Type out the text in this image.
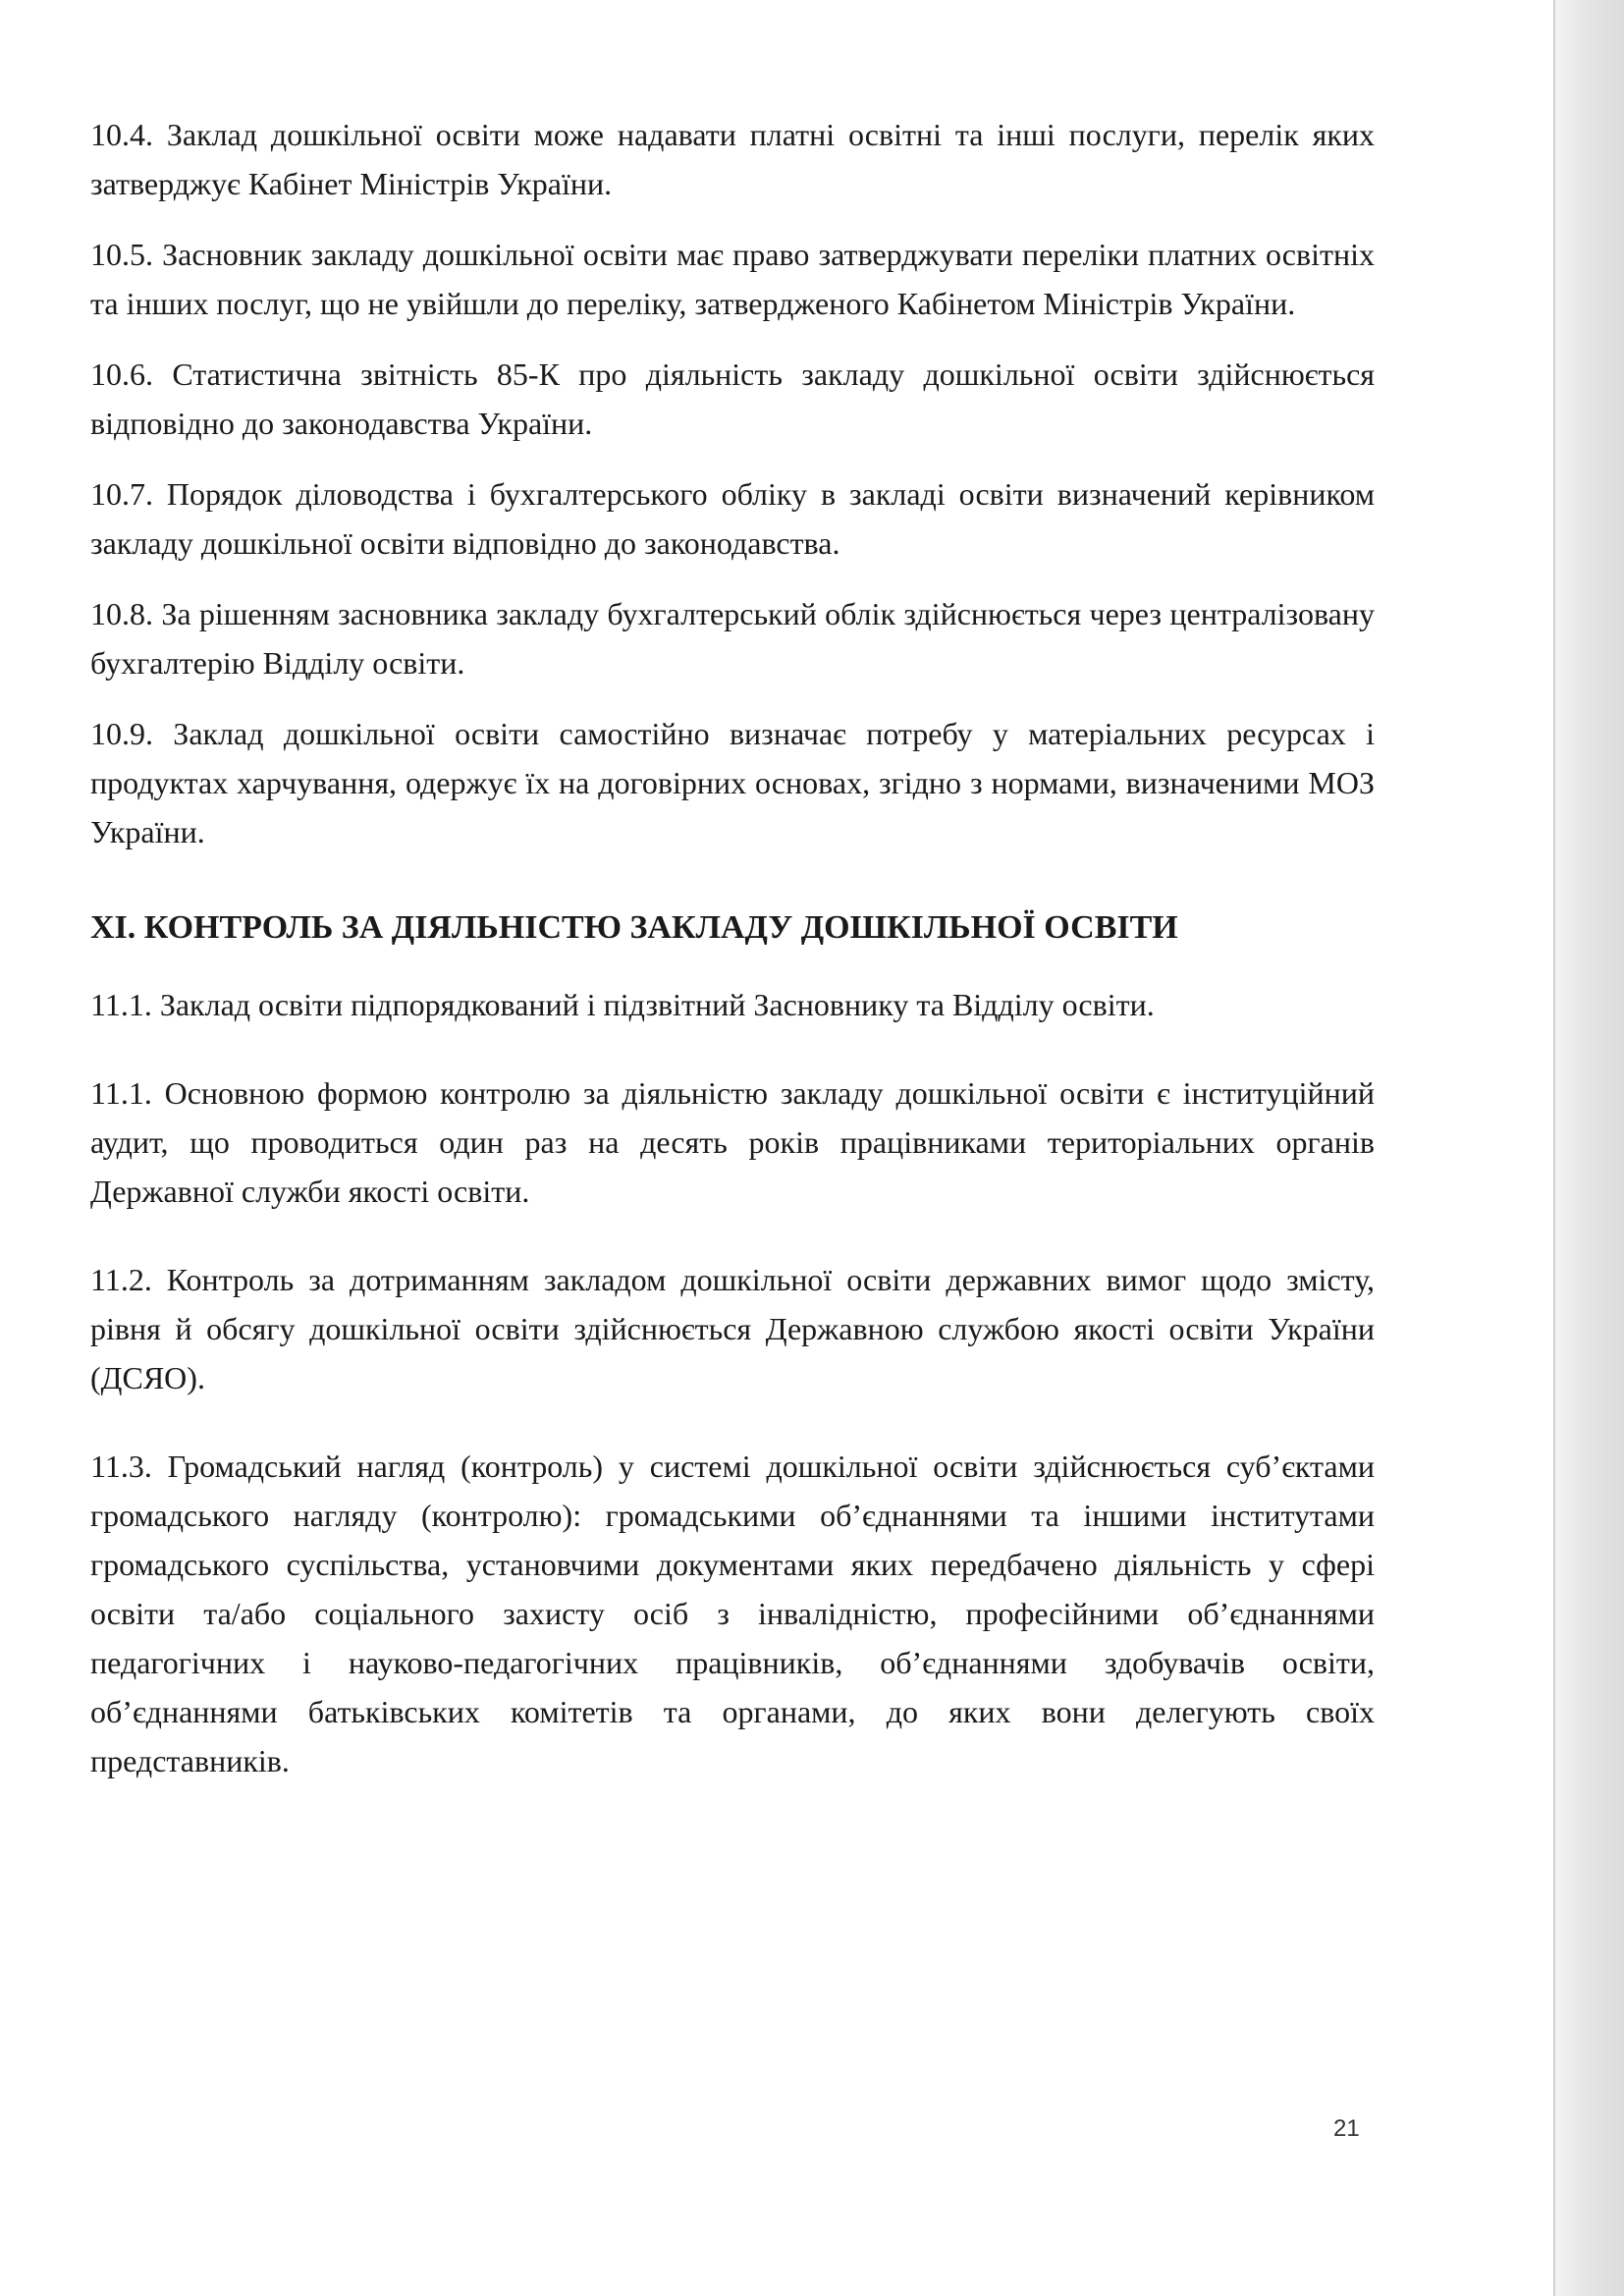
10.4. Заклад дошкільної освіти може надавати платні освітні та інші послуги, перелік яких затверджує Кабінет Міністрів України.

10.5. Засновник закладу дошкільної освіти має право затверджувати переліки платних освітніх та інших послуг, що не увійшли до переліку, затвердженого Кабінетом Міністрів України.

10.6. Статистична звітність 85-К про діяльність закладу дошкільної освіти здійснюється відповідно до законодавства України.

10.7. Порядок діловодства і бухгалтерського обліку в закладі освіти визначений керівником закладу дошкільної освіти відповідно до законодавства.

10.8. За рішенням засновника закладу бухгалтерський облік здійснюється через централізовану бухгалтерію Відділу освіти.

10.9. Заклад дошкільної освіти самостійно визначає потребу у матеріальних ресурсах і продуктах харчування, одержує їх на договірних основах, згідно з нормами, визначеними МОЗ України.

XI. КОНТРОЛЬ ЗА ДІЯЛЬНІСТЮ ЗАКЛАДУ ДОШКІЛЬНОЇ ОСВІТИ

11.1. Заклад освіти підпорядкований і підзвітний Засновнику та Відділу освіти.

11.1. Основною формою контролю за діяльністю закладу дошкільної освіти є інституційний аудит, що проводиться один раз на десять років працівниками територіальних органів Державної служби якості освіти.

11.2. Контроль за дотриманням закладом дошкільної освіти державних вимог щодо змісту, рівня й обсягу дошкільної освіти здійснюється Державною службою якості освіти України (ДСЯО).

11.3. Громадський нагляд (контроль) у системі дошкільної освіти здійснюється суб’єктами громадського нагляду (контролю): громадськими об’єднаннями та іншими інститутами громадського суспільства, установчими документами яких передбачено діяльність у сфері освіти та/або соціального захисту осіб з інвалідністю, професійними об’єднаннями педагогічних і науково-педагогічних працівників, об’єднаннями здобувачів освіти, об’єднаннями батьківських комітетів та органами, до яких вони делегують своїх представників.

21
